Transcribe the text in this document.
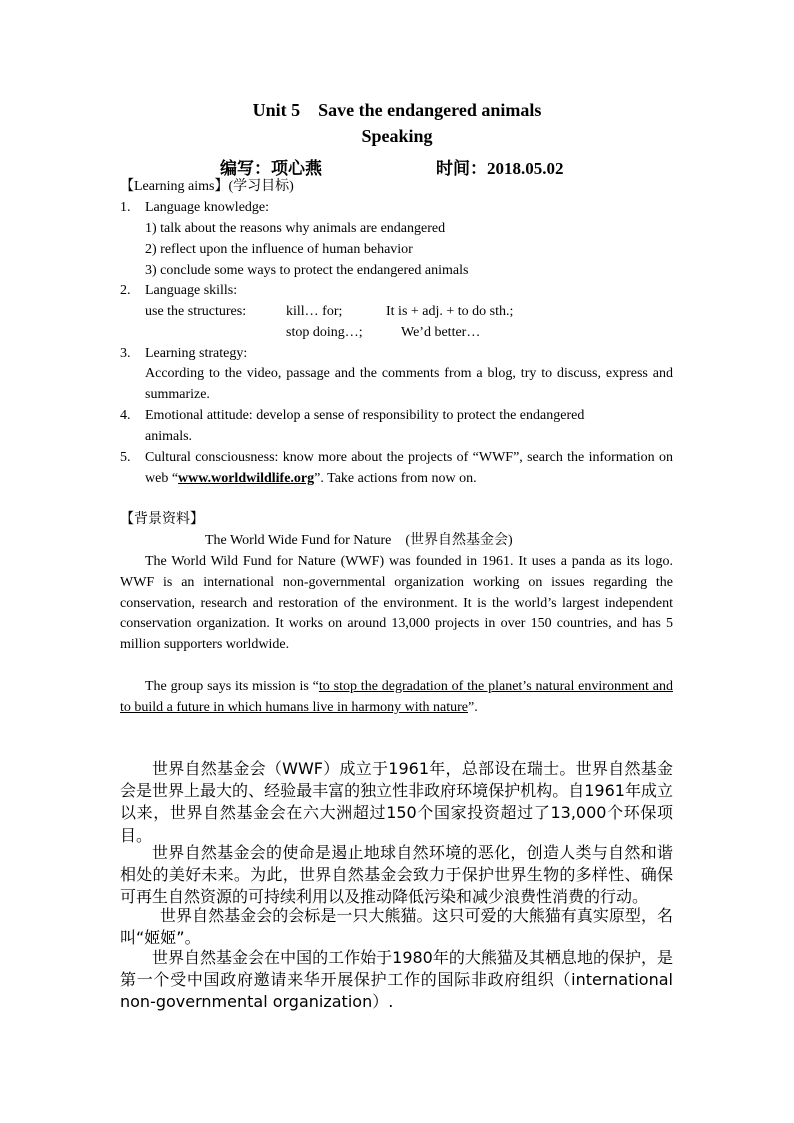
Unit 5    Save the endangered animals
Speaking
编写：项心燕	时间：2018.05.02
【Learning aims】(学习目标)
1. Language knowledge:
1) talk about the reasons why animals are endangered
2) reflect upon the influence of human behavior
3) conclude some ways to protect the endangered animals
2. Language skills:
use the structures:	kill… for;	It is + adj. + to do sth.;
stop doing…;	We’d better…
3. Learning strategy:
According to the video, passage and the comments from a blog, try to discuss, express and summarize.
4. Emotional attitude: develop a sense of responsibility to protect the endangered animals.
5. Cultural consciousness: know more about the projects of “WWF”, search the information on web “www.worldwildlife.org”. Take actions from now on.
【背景资料】
The World Wide Fund for Nature    (世界自然基金会)
The World Wild Fund for Nature (WWF) was founded in 1961. It uses a panda as its logo. WWF is an international non-governmental organization working on issues regarding the conservation, research and restoration of the environment. It is the world’s largest independent conservation organization. It works on around 13,000 projects in over 150 countries, and has 5 million supporters worldwide.
The group says its mission is “to stop the degradation of the planet’s natural environment and to build a future in which humans live in harmony with nature”.
世界自然基金会（WWF）成立于1961年，总部设在瑞士。世界自然基金会是世界上最大的、经验最丰富的独立性非政府环境保护机构。自1961年成立以来，世界自然基金会在六大洲超过150个国家投资超过了13,000个环保项目。
世界自然基金会的使命是遏止地球自然环境的恶化，创造人类与自然和谐相处的美好未来。为此，世界自然基金会致力于保护世界生物的多样性、确保可再生自然资源的可持续利用以及推动降低污染和减少浪费性消费的行动。
世界自然基金会的会标是一只大熊猫。这只可爱的大熊猫有真实原型，名叫“姬姬”。
世界自然基金会在中国的工作始于1980年的大熊猫及其栖息地的保护，是第一个受中国政府邀请来华开展保护工作的国际非政府组织（international non-governmental organization）.
